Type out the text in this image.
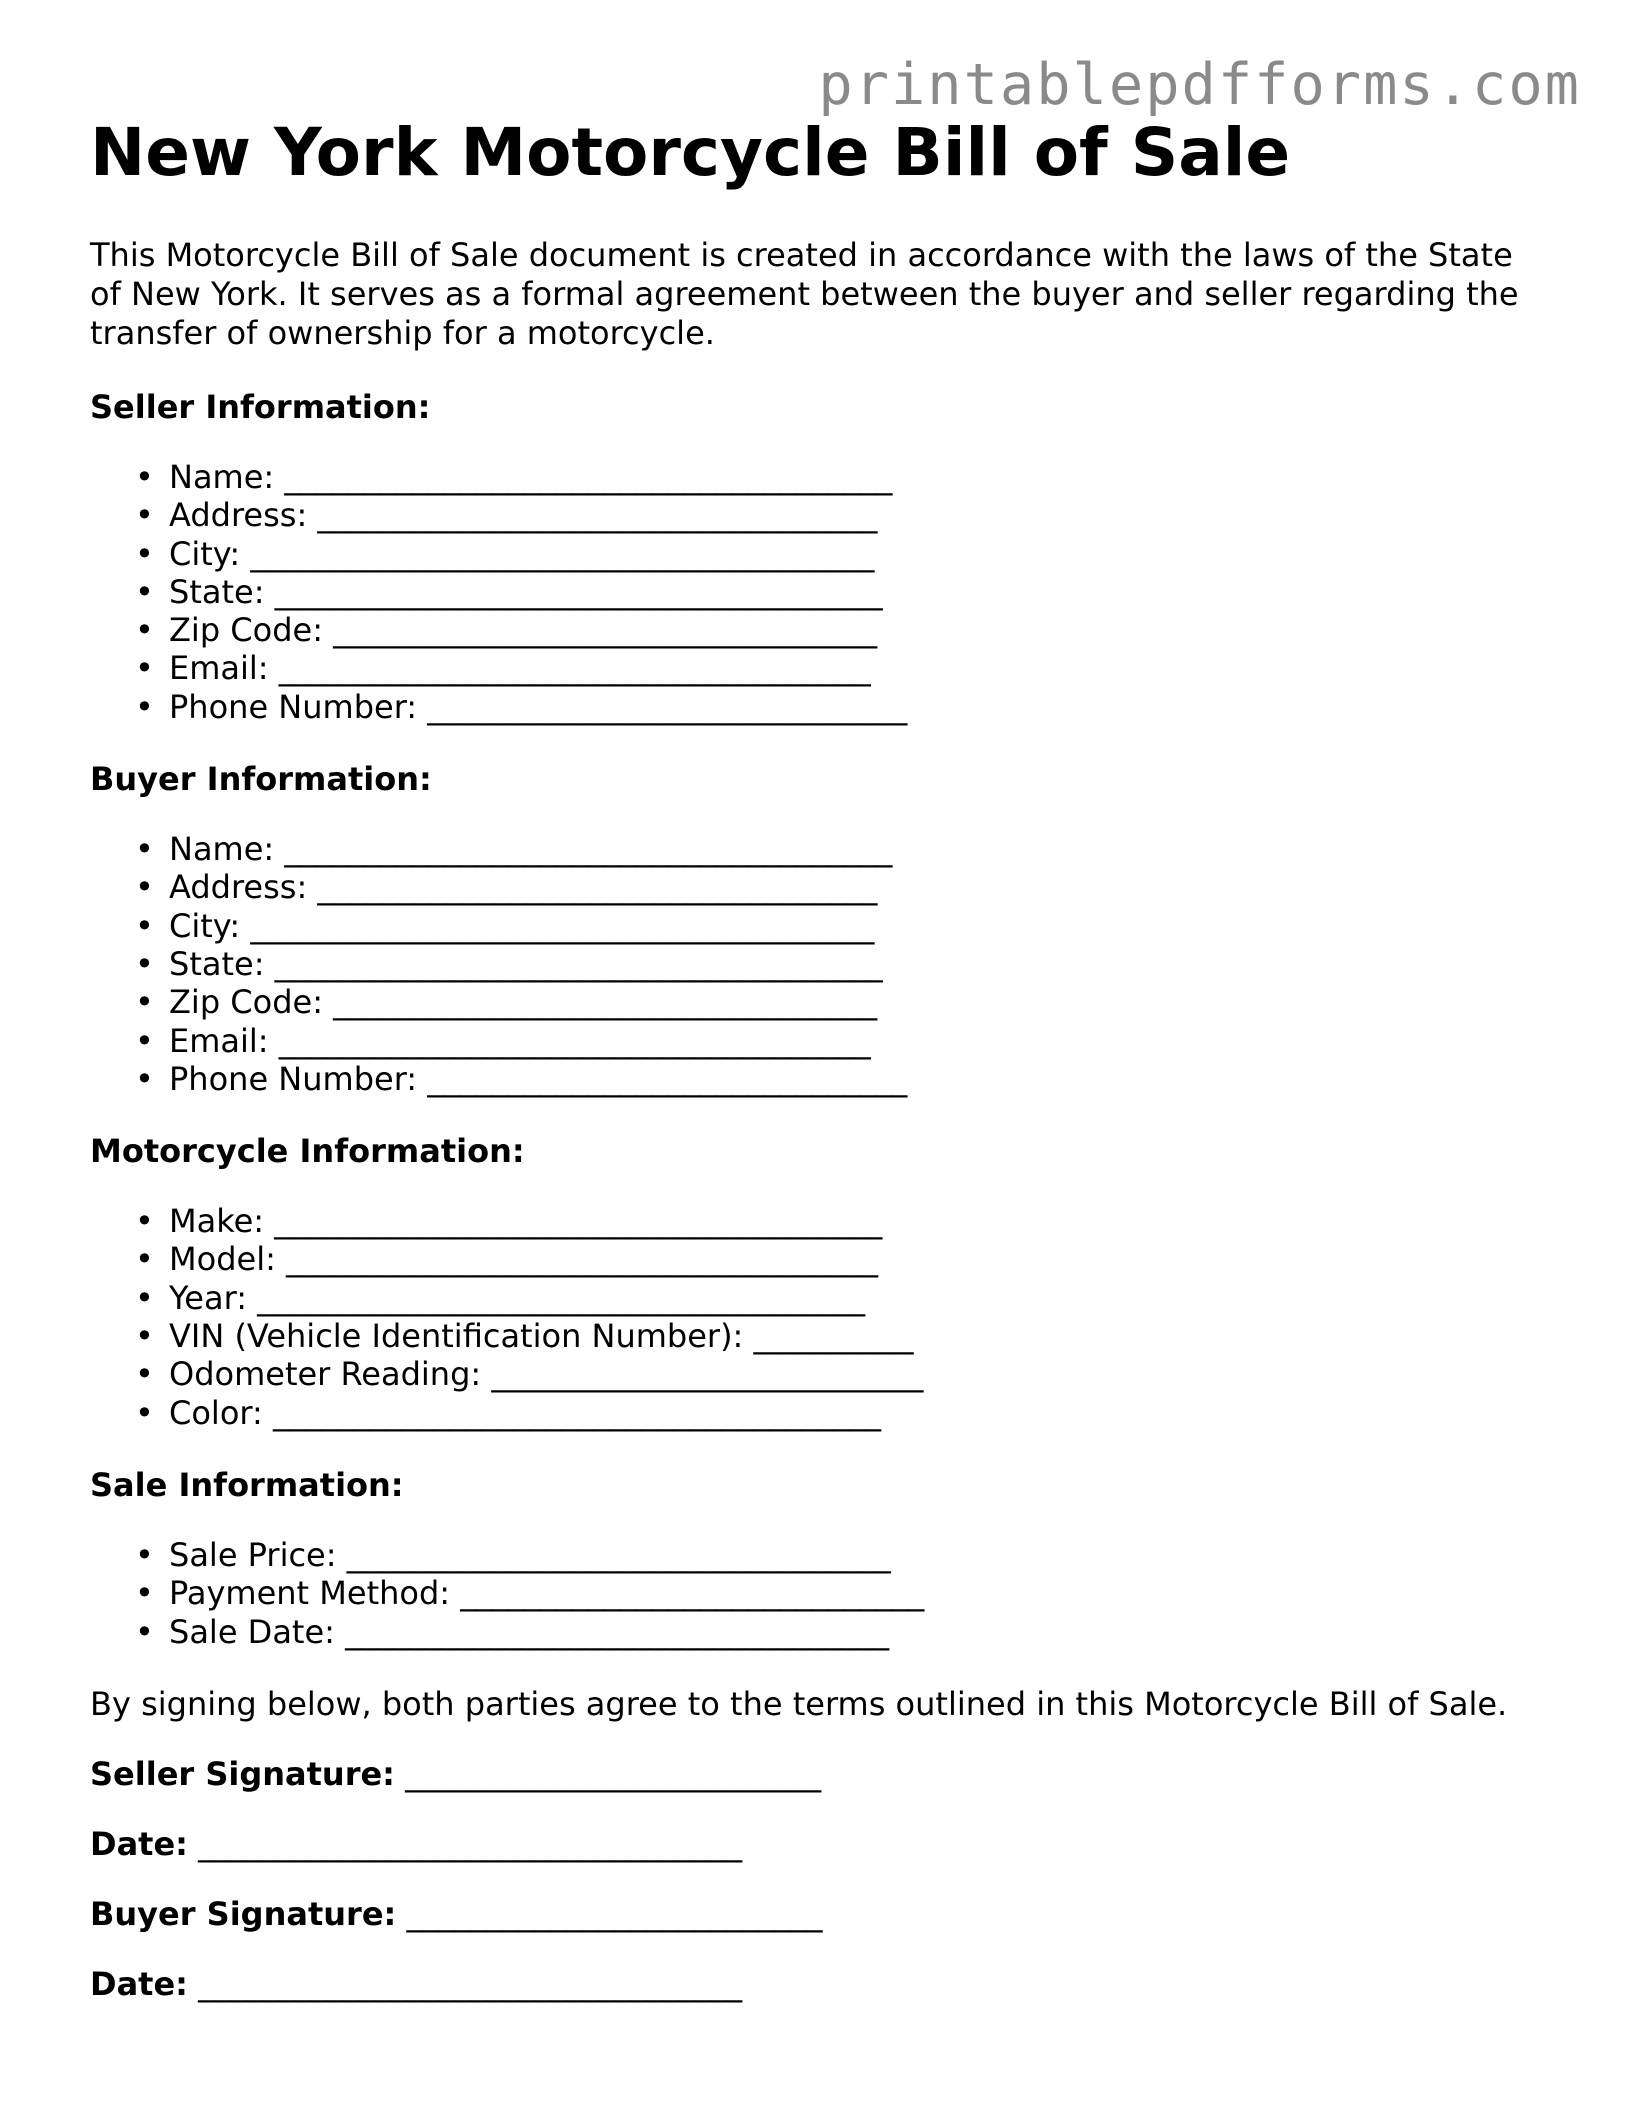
printablepdfforms.com
New York Motorcycle Bill of Sale

This Motorcycle Bill of Sale document is created in accordance with the laws of the State of New York. It serves as a formal agreement between the buyer and seller regarding the transfer of ownership for a motorcycle.

Seller Information:
• Name: ______________________________________
• Address: ___________________________________
• City: _______________________________________
• State: ______________________________________
• Zip Code: __________________________________
• Email: _____________________________________
• Phone Number: ______________________________
Buyer Information:
• Name: ______________________________________
• Address: ___________________________________
• City: _______________________________________
• State: ______________________________________
• Zip Code: __________________________________
• Email: _____________________________________
• Phone Number: ______________________________
Motorcycle Information:
• Make: ______________________________________
• Model: _____________________________________
• Year: ______________________________________
• VIN (Vehicle Identification Number): __________
• Odometer Reading: ___________________________
• Color: ______________________________________
Sale Information:
• Sale Price: __________________________________
• Payment Method: _____________________________
• Sale Date: __________________________________

By signing below, both parties agree to the terms outlined in this Motorcycle Bill of Sale.

Seller Signature: __________________________
Date: __________________________________
Buyer Signature: __________________________
Date: __________________________________
